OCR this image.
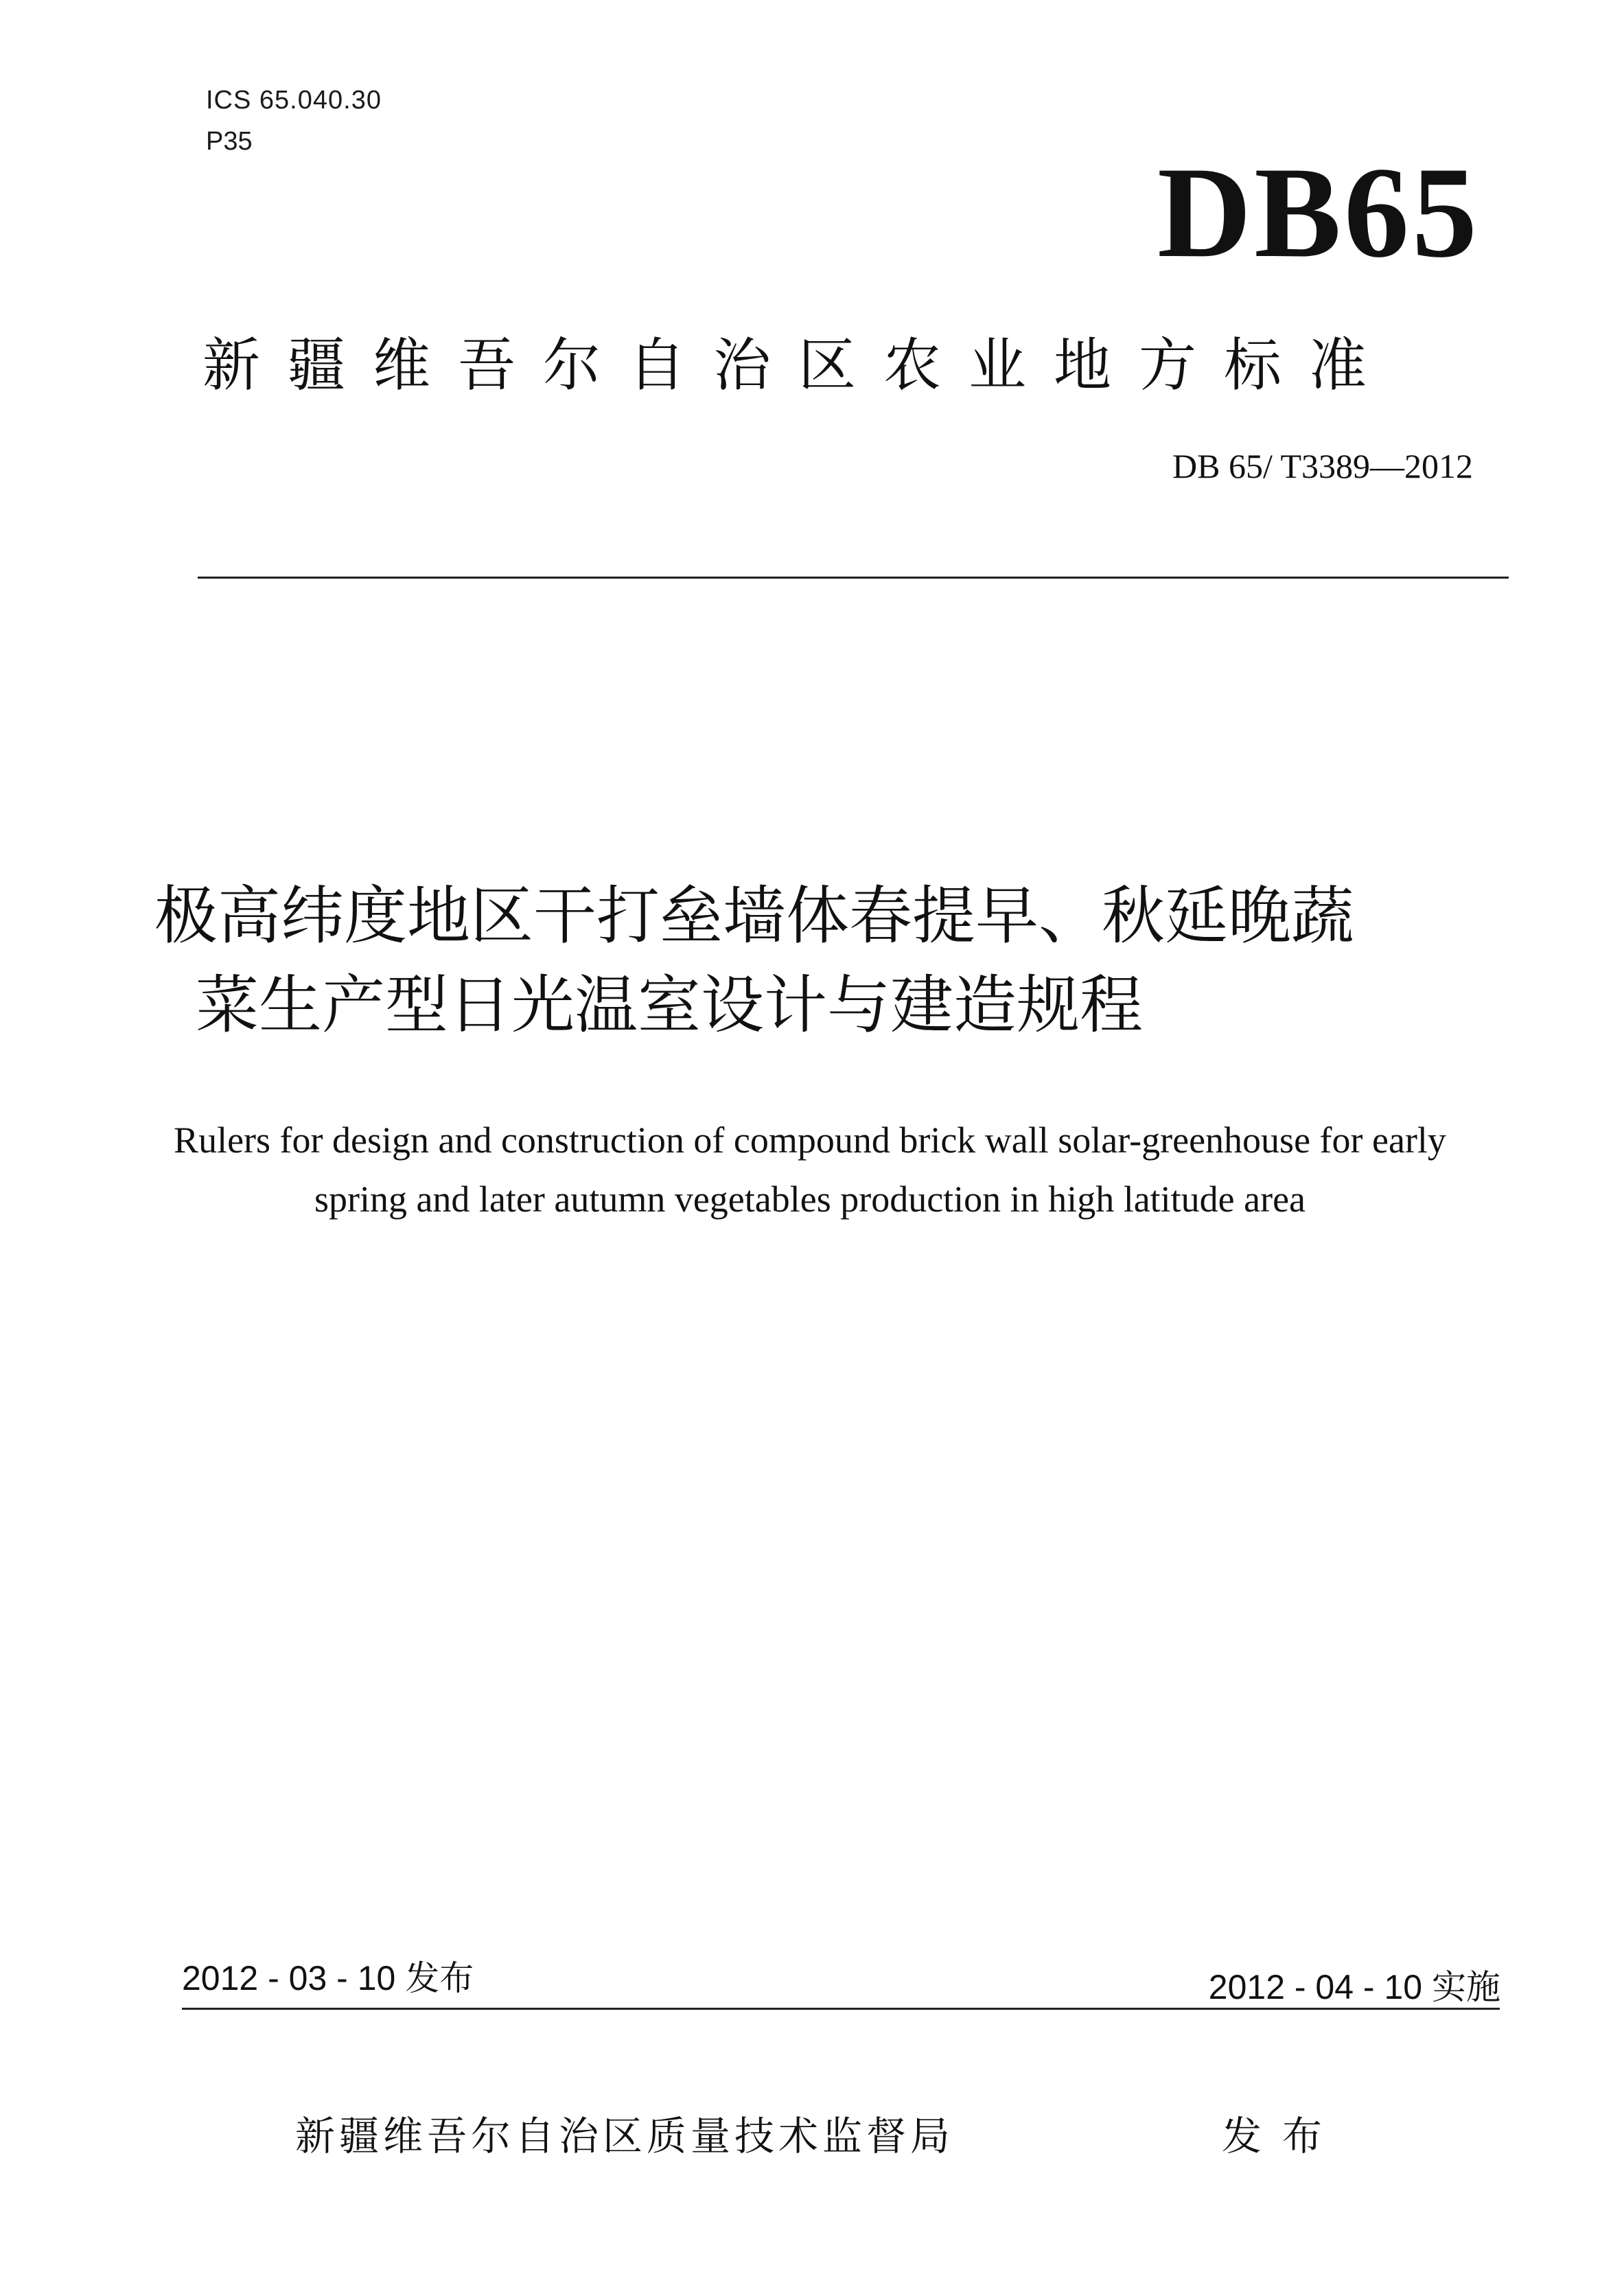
ICS 65.040.30
P35	DB65
新疆维吾尔自治区农业地方标准
DB 65/ T3389—2012
极高纬度地区干打垒墙体春提早、秋延晚蔬
菜生产型日光温室设计与建造规程
Rulers for design and construction of compound brick wall solar-greenhouse for early
spring and later autumn vegetables production in high latitude area
2012 - 03 - 10 发布	2012 - 04 - 10 实施
新疆维吾尔自治区质量技术监督局	发布
